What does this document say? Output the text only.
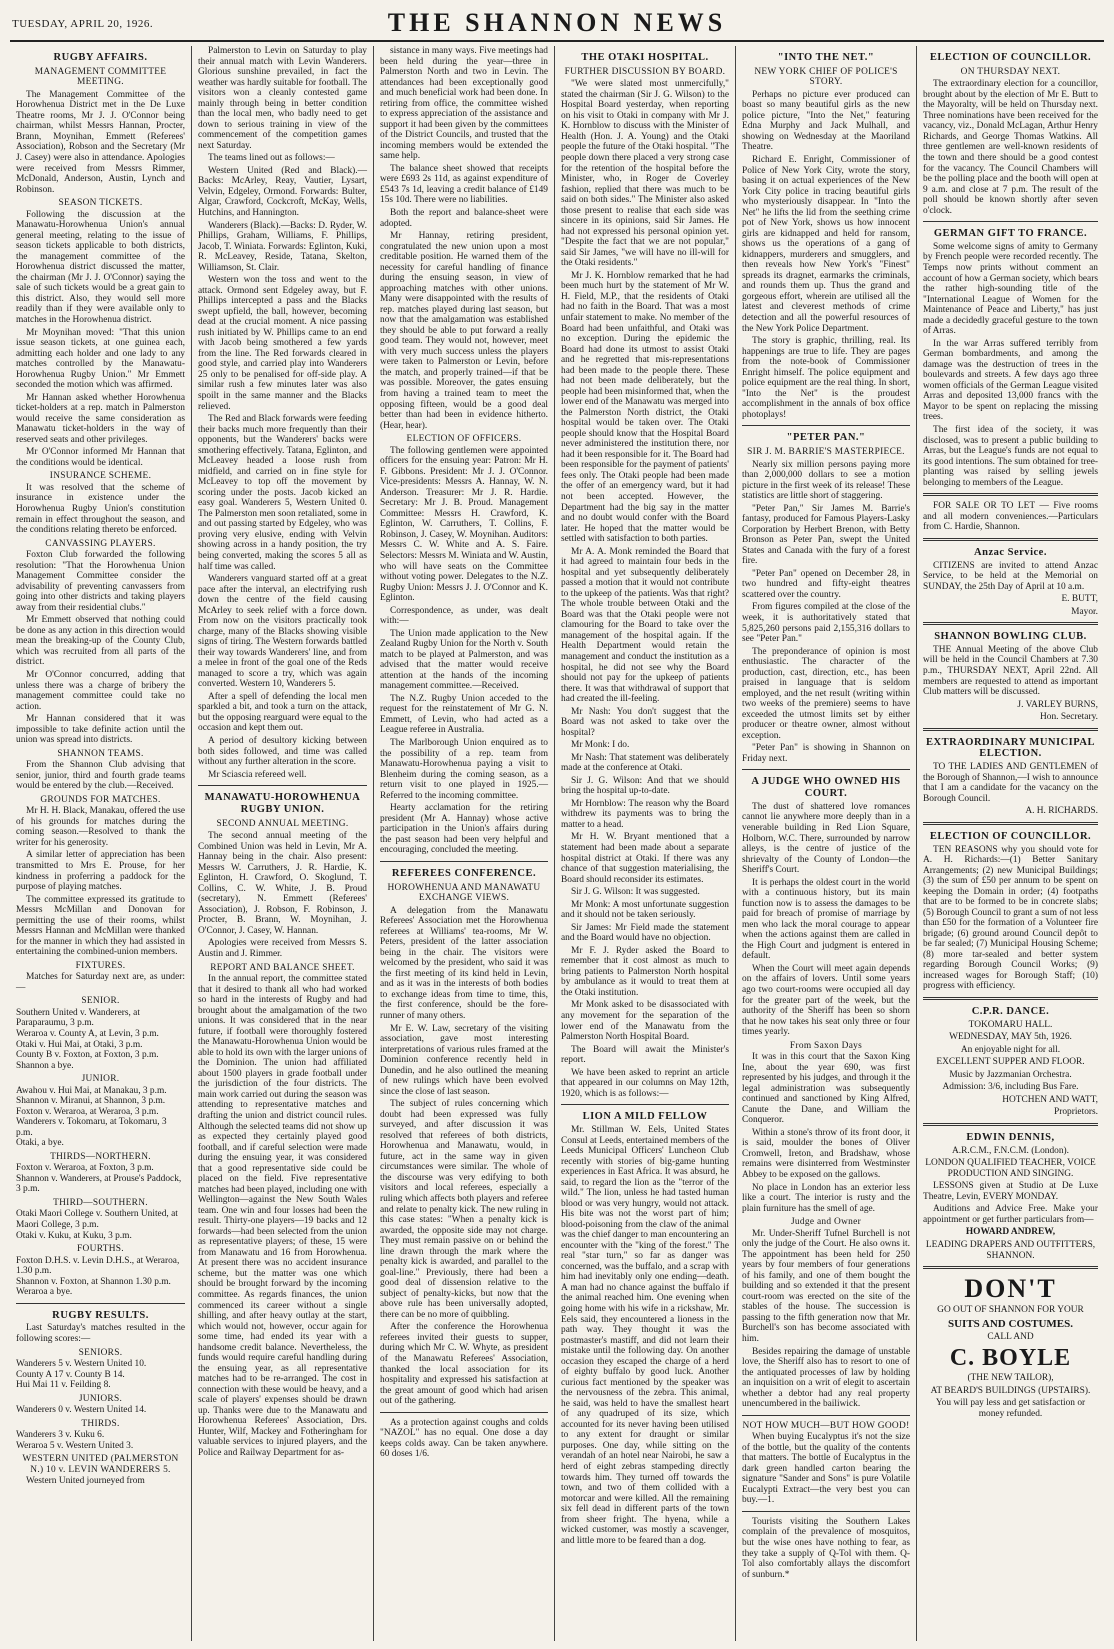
TUESDAY, APRIL 20, 1926.	THE SHANNON NEWS
RUGBY AFFAIRS.
MANAGEMENT COMMITTEE MEETING.

The Management Committee of the Horowhenua District met in the De Luxe Theatre rooms, Mr J. J. O'Connor being chairman, whilst Messrs Hannan, Procter, Brann, Moynihan, Emmett (Referees' Association), Robson and the Secretary (Mr J. Casey) were also in attendance. Apologies were received from Messrs Rimmer, McDonald, Anderson, Austin, Lynch and Robinson.

SEASON TICKETS.

Following the discussion at the Manawatu-Horowhenua Union's annual general meeting, relating to the issue of season tickets applicable to both districts, the management committee of the Horowhenua district discussed the matter, the chairman (Mr J. J. O'Connor) saying the sale of such tickets would be a great gain to this district. Also, they would sell more readily than if they were available only to matches in the Horowhenua district.

Mr Moynihan moved: "That this union issue season tickets, at one guinea each, admitting each holder and one lady to any matches controlled by the Manawatu-Horowhenua Rugby Union." Mr Emmett seconded the motion which was affirmed.

Mr Hannan asked whether Horowhenua ticket-holders at a rep. match in Palmerston would receive the same consideration as Manawatu ticket-holders in the way of reserved seats and other privileges.

Mr O'Connor informed Mr Hannan that the conditions would be identical.

INSURANCE SCHEME.

It was resolved that the scheme of insurance in existence under the Horowhenua Rugby Union's constitution remain in effect throughout the season, and the conditions relating thereto be enforced.

CANVASSING PLAYERS.

Foxton Club forwarded the following resolution: "That the Horowhenua Union Management Committee consider the advisability of preventing canvassers from going into other districts and taking players away from their residential clubs."

Mr Emmett observed that nothing could be done as any action in this direction would mean the breaking-up of the County Club, which was recruited from all parts of the district.

Mr O'Connor concurred, adding that unless there was a charge of bribery the management committee could take no action.

Mr Hannan considered that it was impossible to take definite action until the union was spread into districts.

SHANNON TEAMS.

From the Shannon Club advising that senior, junior, third and fourth grade teams would be entered by the club.—Received.

GROUNDS FOR MATCHES.

Mr H. H. Black, Manakau, offered the use of his grounds for matches during the coming season.—Resolved to thank the writer for his generosity.

A similar letter of appreciation has been transmitted to Mrs E. Prouse, for her kindness in proferring a paddock for the purpose of playing matches.

The committee expressed its gratitude to Messrs McMillan and Donovan for permitting the use of their rooms, whilst Messrs Hannan and McMillan were thanked for the manner in which they had assisted in entertaining the combined-union members.

FIXTURES.

Matches for Saturday next are, as under:—

SENIOR.

Southern United v. Wanderers, at Paraparaumu, 3 p.m.

Weraroa v. County A, at Levin, 3 p.m.

Otaki v. Hui Mai, at Otaki, 3 p.m.

County B v. Foxton, at Foxton, 3 p.m.

Shannon a bye.

JUNIOR.

Awahou v. Hui Mai, at Manakau, 3 p.m.

Shannon v. Miranui, at Shannon, 3 p.m.

Foxton v. Weraroa, at Weraroa, 3 p.m.

Wanderers v. Tokomaru, at Tokomaru, 3 p.m.

Otaki, a bye.

THIRDS—NORTHERN.

Foxton v. Weraroa, at Foxton, 3 p.m.

Shannon v. Wanderers, at Prouse's Paddock, 3 p.m.

THIRD—SOUTHERN.

Otaki Maori College v. Southern United, at Maori College, 3 p.m.

Otaki v. Kuku, at Kuku, 3 p.m.

FOURTHS.

Foxton D.H.S. v. Levin D.H.S., at Weraroa, 1.30 p.m.

Shannon v. Foxton, at Shannon 1.30 p.m.

Weraroa a bye.

RUGBY RESULTS.

Last Saturday's matches resulted in the following scores:—

SENIORS.

Wanderers 5 v. Western United 10.

County A 17 v. County B 14.

Hui Mai 11 v. Feilding 8.

JUNIORS.

Wanderers 0 v. Western United 14.

THIRDS.

Wanderers 3 v. Kuku 6.

Weraroa 5 v. Western United 3.

WESTERN UNITED (PALMERSTON N.) 10 v. LEVIN WANDERERS 5.

Western United journeyed from

Palmerston to Levin on Saturday to play their annual match with Levin Wanderers. Glorious sunshine prevailed, in fact the weather was hardly suitable for football. The visitors won a cleanly contested game mainly through being in better condition than the local men, who badly need to get down to serious training in view of the commencement of the competition games next Saturday.

The teams lined out as follows:—

Western United (Red and Black).—Backs: McArley, Reay, Vautier, Lysart, Velvin, Edgeley, Ormond. Forwards: Bulter, Algar, Crawford, Cockcroft, McKay, Wells, Hutchins, and Hannington.

Wanderers (Black).—Backs: D. Ryder, W. Phillips, Graham, Williams, F. Phillips, Jacob, T. Winiata. Forwards: Eglinton, Kuki, R. McLeavey, Reside, Tatana, Skelton, Williamson, St. Clair.

Western won the toss and went to the attack. Ormond sent Edgeley away, but F. Phillips intercepted a pass and the Blacks swept upfield, the ball, however, becoming dead at the crucial moment. A nice passing rush initiated by W. Phillips came to an end with Jacob being smothered a few yards from the line. The Red forwards cleared in good style, and carried play into Wanderers 25 only to be penalised for off-side play. A similar rush a few minutes later was also spoilt in the same manner and the Blacks relieved.

The Red and Black forwards were feeding their backs much more frequently than their opponents, but the Wanderers' backs were smothering effectively. Tatana, Eglinton, and McLeavey headed a loose rush from midfield, and carried on in fine style for McLeavey to top off the movement by scoring under the posts. Jacob kicked an easy goal. Wanderers 5, Western United 0. The Palmerston men soon retaliated, some in and out passing started by Edgeley, who was proving very elusive, ending with Velvin showing across in a handy position, the try being converted, making the scores 5 all as half time was called.

Wanderers vanguard started off at a great pace after the interval, an electrifying rush down the centre of the field causing McArley to seek relief with a force down. From now on the visitors practically took charge, many of the Blacks showing visible signs of tiring. The Western forwards battled their way towards Wanderers' line, and from a melee in front of the goal one of the Reds managed to score a try, which was again converted. Western 10, Wanderers 5.

After a spell of defending the local men sparkled a bit, and took a turn on the attack, but the opposing rearguard were equal to the occasion and kept them out.

A period of desultory kicking between both sides followed, and time was called without any further alteration in the score.

Mr Sciascia refereed well.

MANAWATU-HOROWHENUA RUGBY UNION.
SECOND ANNUAL MEETING.

The second annual meeting of the Combined Union was held in Levin, Mr A. Hannay being in the chair. Also present: Messrs W. Carruthers, J. R. Hardie, K. Eglinton, H. Crawford, O. Skoglund, T. Collins, C. W. White, J. B. Proud (secretary), N. Emmett (Referees' Association), J. Robson, F. Robinson, J. Procter, B. Brann, W. Moynihan, J. O'Connor, J. Casey, W. Hannan.

Apologies were received from Messrs S. Austin and J. Rimmer.

REPORT AND BALANCE SHEET.

In the annual report, the committee stated that it desired to thank all who had worked so hard in the interests of Rugby and had brought about the amalgamation of the two unions. It was considered that in the near future, if football were thoroughly fostered the Manawatu-Horowhenua Union would be able to hold its own with the larger unions of the Dominion. The union had affiliated about 1500 players in grade football under the jurisdiction of the four districts. The main work carried out during the season was attending to representative matches and drafting the union and district council rules. Although the selected teams did not show up as expected they certainly played good football, and if careful selection were made during the ensuing year, it was considered that a good representative side could be placed on the field. Five representative matches had been played, including one with Wellington—against the New South Wales team. One win and four losses had been the result. Thirty-one players—19 backs and 12 forwards—had been selected from the union as representative players; of these, 15 were from Manawatu and 16 from Horowhenua. At present there was no accident insurance scheme, but the matter was one which should be brought forward by the incoming committee. As regards finances, the union commenced its career without a single shilling, and after heavy outlay at the start, which would not, however, occur again for some time, had ended its year with a handsome credit balance. Nevertheless, the funds would require careful handling during the ensuing year, as all representative matches had to be re-arranged. The cost in connection with these would be heavy, and a scale of players' expenses should be drawn up. Thanks were due to the Manawatu and Horowhenua Referees' Association, Drs. Hunter, Wilf, Mackey and Fotheringham for valuable services to injured players, and the Police and Railway Department for as-

sistance in many ways. Five meetings had been held during the year—three in Palmerston North and two in Levin. The attendances had been exceptionally good and much beneficial work had been done. In retiring from office, the committee wished to express appreciation of the assistance and support it had been given by the committees of the District Councils, and trusted that the incoming members would be extended the same help.

The balance sheet showed that receipts were £693 2s 11d, as against expenditure of £543 7s 1d, leaving a credit balance of £149 15s 10d. There were no liabilities.

Both the report and balance-sheet were adopted.

Mr Hannay, retiring president, congratulated the new union upon a most creditable position. He warned them of the necessity for careful handling of finance during the ensuing season, in view of approaching matches with other unions. Many were disappointed with the results of rep. matches played during last season, but now that the amalgamation was established they should be able to put forward a really good team. They would not, however, meet with very much success unless the players were taken to Palmerston or Levin, before the match, and properly trained—if that be was possible. Moreover, the gates ensuing from having a trained team to meet the opposing fifteen, would be a good deal better than had been in evidence hitherto. (Hear, hear).

ELECTION OF OFFICERS.

The following gentlemen were appointed officers for the ensuing year: Patron: Mr H. F. Gibbons. President: Mr J. J. O'Connor. Vice-presidents: Messrs A. Hannay, W. N. Anderson. Treasurer: Mr J. R. Hardie. Secretary: Mr J. B. Proud. Management Committee: Messrs H. Crawford, K. Eglinton, W. Carruthers, T. Collins, F. Robinson, J. Casey, W. Moynihan. Auditors: Messrs C. W. White and A. S. Faire. Selectors: Messrs M. Winiata and W. Austin, who will have seats on the Committee without voting power. Delegates to the N.Z. Rugby Union: Messrs J. J. O'Connor and K. Eglinton.

Correspondence, as under, was dealt with:—

The Union made application to the New Zealand Rugby Union for the North v. South match to be played at Palmerston, and was advised that the matter would receive attention at the hands of the incoming management committee.—Received.

The N.Z. Rugby Union acceded to the request for the reinstatement of Mr G. N. Emmett, of Levin, who had acted as a League referee in Australia.

The Marlborough Union enquired as to the possibility of a rep. team from Manawatu-Horowhenua paying a visit to Blenheim during the coming season, as a return visit to one played in 1925.—Referred to the incoming committee.

Hearty acclamation for the retiring president (Mr A. Hannay) whose active participation in the Union's affairs during the past season had been very helpful and encouraging, concluded the meeting.

REFEREES CONFERENCE.
HOROWHENUA AND MANAWATU EXCHANGE VIEWS.

A delegation from the Manawatu Referees' Association met the Horowhenua referees at Williams' tea-rooms, Mr W. Peters, president of the latter association being in the chair. The visitors were welcomed by the president, who said it was the first meeting of its kind held in Levin, and as it was in the interests of both bodies to exchange ideas from time to time, this, the first conference, should be the fore-runner of many others.

Mr E. W. Law, secretary of the visiting association, gave most interesting interpretations of various rules framed at the Dominion conference recently held in Dunedin, and he also outlined the meaning of new rulings which have been evolved since the close of last season.

The subject of rules concerning which doubt had been expressed was fully surveyed, and after discussion it was resolved that referees of both districts, Horowhenua and Manawatu, would, in future, act in the same way in given circumstances were similar. The whole of the discourse was very edifying to both visitors and local referees, especially a ruling which affects both players and referee and relate to penalty kick. The new ruling in this case states: "When a penalty kick is awarded, the opposite side may not charge. They must remain passive on or behind the line drawn through the mark where the penalty kick is awarded, and parallel to the goal-line." Previously, there had been a good deal of dissension relative to the subject of penalty-kicks, but now that the above rule has been universally adopted, there can be no more of quibbling.

After the conference the Horowhenua referees invited their guests to supper, during which Mr C. W. Whyte, as president of the Manawatu Referees' Association, thanked the local association for its hospitality and expressed his satisfaction at the great amount of good which had arisen out of the gathering.

As a protection against coughs and colds "NAZOL" has no equal. One dose a day keeps colds away. Can be taken anywhere. 60 doses 1/6.

THE OTAKI HOSPITAL.
FURTHER DISCUSSION BY BOARD.

"We were slated most unmercifully," stated the chairman (Sir J. G. Wilson) to the Hospital Board yesterday, when reporting on his visit to Otaki in company with Mr J. K. Hornblow to discuss with the Minister of Health (Hon. J. A. Young) and the Otaki people the future of the Otaki hospital. "The people down there placed a very strong case for the retention of the hospital before the Minister, who, in Roger de Coverley fashion, replied that there was much to be said on both sides." The Minister also asked those present to realise that each side was sincere in its opinions, said Sir James. He had not expressed his personal opinion yet. "Despite the fact that we are not popular," said Sir James, "we will have no ill-will for the Otaki residents."

Mr J. K. Hornblow remarked that he had been much hurt by the statement of Mr W. H. Field, M.P., that the residents of Otaki had no faith in the Board. That was a most unfair statement to make. No member of the Board had been unfaithful, and Otaki was no exception. During the epidemic the Board had done its utmost to assist Otaki and he regretted that mis-representations had been made to the people there. These had not been made deliberately, but the people had been misinformed that, when the lower end of the Manawatu was merged into the Palmerston North district, the Otaki hospital would be taken over. The Otaki people should know that the Hospital Board never administered the institution there, nor had it been responsible for it. The Board had been responsible for the payment of patients' fees only. The Otaki people had been made the offer of an emergency ward, but it had not been accepted. However, the Department had the big say in the matter and no doubt would confer with the Board later. He hoped that the matter would be settled with satisfaction to both parties.

Mr A. A. Monk reminded the Board that it had agreed to maintain four beds in the hospital and yet subsequently deliberately passed a motion that it would not contribute to the upkeep of the patients. Was that right? The whole trouble between Otaki and the Board was that the Otaki people were not clamouring for the Board to take over the management of the hospital again. If the Health Department would retain the management and conduct the institution as a hospital, he did not see why the Board should not pay for the upkeep of patients there. It was that withdrawal of support that had created the ill-feeling.

Mr Nash: You don't suggest that the Board was not asked to take over the hospital?

Mr Monk: I do.

Mr Nash: That statement was deliberately made at the conference at Otaki.

Sir J. G. Wilson: And that we should bring the hospital up-to-date.

Mr Hornblow: The reason why the Board withdrew its payments was to bring the matter to a head.

Mr H. W. Bryant mentioned that a statement had been made about a separate hospital district at Otaki. If there was any chance of that suggestion materialising, the Board should reconsider its estimates.

Sir J. G. Wilson: It was suggested.

Mr Monk: A most unfortunate suggestion and it should not be taken seriously.

Sir James: Mr Field made the statement and the Board would have no objection.

Mr F. J. Ryder asked the Board to remember that it cost almost as much to bring patients to Palmerston North hospital by ambulance as it would to treat them at the Otaki institution.

Mr Monk asked to be disassociated with any movement for the separation of the lower end of the Manawatu from the Palmerston North Hospital Board.

The Board will await the Minister's report.

We have been asked to reprint an article that appeared in our columns on May 12th, 1920, which is as follows:—

LION A MILD FELLOW

Mr. Stillman W. Eels, United States Consul at Leeds, entertained members of the Leeds Municipal Officers' Luncheon Club recently with stories of big-game hunting experiences in East Africa. It was absurd, he said, to regard the lion as the "terror of the wild." The lion, unless he had tasted human blood or was very hungry, would not attack. His bite was not the worst part of him; blood-poisoning from the claw of the animal was the chief danger to man encountering an encounter with the "king of the forest." The real "star turn," so far as danger was concerned, was the buffalo, and a scrap with him had inevitably only one ending—death. A man had no chance against the buffalo if the animal reached him. One evening when going home with his wife in a rickshaw, Mr. Eels said, they encountered a lioness in the path way. They thought it was the postmaster's mastiff, and did not learn their mistake until the following day. On another occasion they escaped the charge of a herd of eighty buffalo by good luck. Another curious fact mentioned by the speaker was the nervousness of the zebra. This animal, he said, was held to have the smallest heart of any quadruped of its size, which accounted for its never having been utilised to any extent for draught or similar purposes. One day, while sitting on the verandah of an hotel near Nairobi, he saw a herd of eight zebras stampeding directly towards him. They turned off towards the town, and two of them collided with a motorcar and were killed. All the remaining six fell dead in different parts of the town from sheer fright. The hyena, while a wicked customer, was mostly a scavenger, and little more to be feared than a dog.

"INTO THE NET."
NEW YORK CHIEF OF POLICE'S STORY.

Perhaps no picture ever produced can boast so many beautiful girls as the new police picture, "Into the Net," featuring Edna Murphy and Jack Mulhall, and showing on Wednesday at the Maoriland Theatre.

Richard E. Enright, Commissioner of Police of New York City, wrote the story, basing it on actual experiences of the New York City police in tracing beautiful girls who mysteriously disappear. In "Into the Net" he lifts the lid from the seething crime pot of New York, shows us how innocent girls are kidnapped and held for ransom, shows us the operations of a gang of kidnappers, murderers and smugglers, and then reveals how New York's "Finest" spreads its dragnet, earmarks the criminals, and rounds them up. Thus the grand and gorgeous effort, wherein are utilised all the latest and cleverest methods of crime detection and all the powerful resources of the New York Police Department.

The story is graphic, thrilling, real. Its happenings are true to life. They are pages from the note-book of Commissioner Enright himself. The police equipment and police equipment are the real thing. In short, "Into the Net" is the proudest accomplishment in the annals of box office photoplays!

"PETER PAN."
SIR J. M. BARRIE'S MASTERPIECE.

Nearly six million persons paying more than 2,000,000 dollars to see a motion picture in the first week of its release! These statistics are little short of staggering.

"Peter Pan," Sir James M. Barrie's fantasy, produced for Famous Players-Lasky Corporation by Herbert Brenon, with Betty Bronson as Peter Pan, swept the United States and Canada with the fury of a forest fire.

"Peter Pan" opened on December 28, in two hundred and fifty-eight theatres scattered over the country.

From figures compiled at the close of the week, it is authoritatively stated that 5,825,260 persons paid 2,155,316 dollars to see "Peter Pan."

The preponderance of opinion is most enthusiastic. The character of the production, cast, direction, etc., has been praised in language that is seldom employed, and the net result (writing within two weeks of the premiere) seems to have exceeded the utmost limits set by either producer or theatre owner, almost without exception.

"Peter Pan" is showing in Shannon on Friday next.

A JUDGE WHO OWNED HIS COURT.

The dust of shattered love romances cannot lie anywhere more deeply than in a venerable building in Red Lion Square, Holborn, W.C. There, surrounded by narrow alleys, is the centre of justice of the shrievalty of the County of London—the Sheriff's Court.

It is perhaps the oldest court in the world with a continuous history, but its main function now is to assess the damages to be paid for breach of promise of marriage by men who lack the moral courage to appear when the actions against them are called in the High Court and judgment is entered in default.

When the Court will meet again depends on the affairs of lovers. Until some years ago two court-rooms were occupied all day for the greater part of the week, but the authority of the Sheriff has been so shorn that he now takes his seat only three or four times yearly.

From Saxon Days

It was in this court that the Saxon King Ine, about the year 690, was first represented by his judges, and through it the legal administration was subsequently continued and sanctioned by King Alfred, Canute the Dane, and William the Conqueror.

Within a stone's throw of its front door, it is said, moulder the bones of Oliver Cromwell, Ireton, and Bradshaw, whose remains were disinterred from Westminster Abbey to be exposed on the gallows.

No place in London has an exterior less like a court. The interior is rusty and the plain furniture has the smell of age.

Judge and Owner

Mr. Under-Sheriff Tufnel Burchell is not only the judge of the Court. He also owns it. The appointment has been held for 250 years by four members of four generations of his family, and one of them bought the building and so extended it that the present court-room was erected on the site of the stables of the house. The succession is passing to the fifth generation now that Mr. Burchell's son has become associated with him.

Besides repairing the damage of unstable love, the Sheriff also has to resort to one of the antiquated processes of law by holding an inquisition on a writ of elegit to ascertain whether a debtor had any real property unencumbered in the bailiwick.

NOT HOW MUCH—BUT HOW GOOD!

When buying Eucalyptus it's not the size of the bottle, but the quality of the contents that matters. The bottle of Eucalyptus in the dark green handled carton bearing the signature "Sander and Sons" is pure Volatile Eucalypti Extract—the very best you can buy.—1.

Tourists visiting the Southern Lakes complain of the prevalence of mosquitos, but the wise ones have nothing to fear, as they take a supply of Q-Tol with them. Q-Tol also comfortably allays the discomfort of sunburn.*

ELECTION OF COUNCILLOR.
ON THURSDAY NEXT.

The extraordinary election for a councillor, brought about by the election of Mr E. Butt to the Mayoralty, will be held on Thursday next. Three nominations have been received for the vacancy, viz., Donald McLagan, Arthur Henry Richards, and George Thomas Watkins. All three gentlemen are well-known residents of the town and there should be a good contest for the vacancy. The Council Chambers will be the polling place and the booth will open at 9 a.m. and close at 7 p.m. The result of the poll should be known shortly after seven o'clock.

GERMAN GIFT TO FRANCE.

Some welcome signs of amity to Germany by French people were recorded recently. The Temps now prints without comment an account of how a German society, which bears the rather high-sounding title of the "International League of Women for the Maintenance of Peace and Liberty," has just made a decidedly graceful gesture to the town of Arras.

In the war Arras suffered terribly from German bombardments, and among the damage was the destruction of trees in the boulevards and streets. A few days ago three women officials of the German League visited Arras and deposited 13,000 francs with the Mayor to be spent on replacing the missing trees.

The first idea of the society, it was disclosed, was to present a public building to Arras, but the League's funds are not equal to its good intentions. The sum obtained for tree-planting was raised by selling jewels belonging to members of the League.

FOR SALE OR TO LET — Five rooms and all modern conveniences.—Particulars from C. Hardie, Shannon.

Anzac Service.

CITIZENS are invited to attend Anzac Service, to be held at the Memorial on SUNDAY, the 25th Day of April at 10 a.m.

E. BUTT,

Mayor.

SHANNON BOWLING CLUB.

THE Annual Meeting of the above Club will be held in the Council Chambers at 7.30 p.m., THURSDAY NEXT, April 22nd. All members are requested to attend as important Club matters will be discussed.

J. VARLEY BURNS,

Hon. Secretary.

EXTRAORDINARY MUNICIPAL ELECTION.

TO THE LADIES AND GENTLEMEN of the Borough of Shannon,—I wish to announce that I am a candidate for the vacancy on the Borough Council.

A. H. RICHARDS.

ELECTION OF COUNCILLOR.

TEN REASONS why you should vote for A. H. Richards:—(1) Better Sanitary Arrangements; (2) new Municipal Buildings; (3) the sum of £50 per annum to be spent on keeping the Domain in order; (4) footpaths that are to be formed to be in concrete slabs; (5) Borough Council to grant a sum of not less than £50 for the formation of a Volunteer fire brigade; (6) ground around Council depôt to be far sealed; (7) Municipal Housing Scheme; (8) more tar-sealed and better system regarding Borough Council Works; (9) increased wages for Borough Staff; (10) progress with efficiency.

C.P.R. DANCE.

TOKOMARU HALL.

WEDNESDAY, MAY 5th, 1926.

An enjoyable night for all.

EXCELLENT SUPPER AND FLOOR.

Music by Jazzmanian Orchestra.

Admission: 3/6, including Bus Fare.

HOTCHEN AND WATT,

Proprietors.

EDWIN DENNIS,

A.R.C.M., F.N.C.M. (London).

LONDON QUALIFIED TEACHER, VOICE PRODUCTION AND SINGING.

LESSONS given at Studio at De Luxe Theatre, Levin, EVERY MONDAY.

Auditions and Advice Free. Make your appointment or get further particulars from—

HOWARD ANDREW,

LEADING DRAPERS AND OUTFITTERS, SHANNON.

DON'T

GO OUT OF SHANNON FOR YOUR

SUITS AND COSTUMES.

CALL AND

C. BOYLE

(THE NEW TAILOR),

AT BEARD'S BUILDINGS (UPSTAIRS).

You will pay less and get satisfaction or money refunded.
